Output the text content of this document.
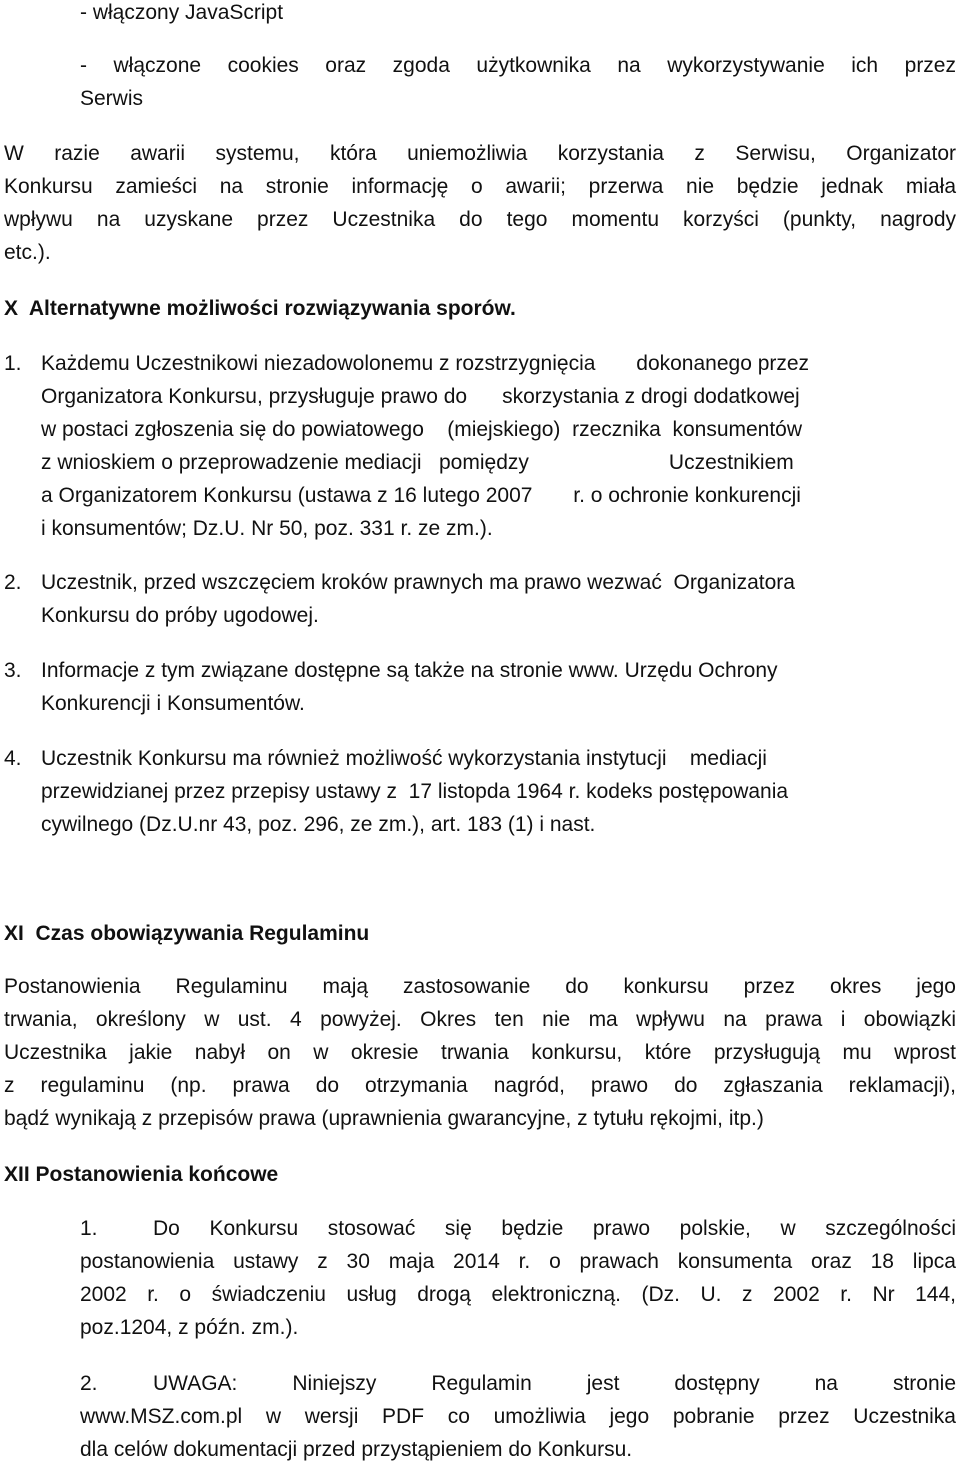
- włączony JavaScript
- włączone cookies oraz zgoda użytkownika na wykorzystywanie ich przez
Serwis
W razie awarii systemu, która uniemożliwia korzystania z Serwisu, Organizator
Konkursu zamieści na stronie informację o awarii; przerwa nie będzie jednak miała
wpływu na uzyskane przez Uczestnika do tego momentu korzyści (punkty, nagrody
etc.).
X  Alternatywne możliwości rozwiązywania sporów.
1. Każdemu Uczestnikowi niezadowolonemu z rozstrzygnięcia       dokonanego przez
Organizatora Konkursu, przysługuje prawo do      skorzystania z drogi dodatkowej
w postaci zgłoszenia się do powiatowego    (miejskiego)  rzecznika  konsumentów
z wnioskiem o przeprowadzenie mediacji   pomiędzy                        Uczestnikiem
a Organizatorem Konkursu (ustawa z 16 lutego 2007       r. o ochronie konkurencji
i konsumentów; Dz.U. Nr 50, poz. 331 r. ze zm.).
2. Uczestnik, przed wszczęciem kroków prawnych ma prawo wezwać  Organizatora
Konkursu do próby ugodowej.
3. Informacje z tym związane dostępne są także na stronie www. Urzędu Ochrony
Konkurencji i Konsumentów.
4. Uczestnik Konkursu ma również możliwość wykorzystania instytucji    mediacji
przewidzianej przez przepisy ustawy z  17 listopda 1964 r. kodeks postępowania
cywilnego (Dz.U.nr 43, poz. 296, ze zm.), art. 183 (1) i nast.
XI  Czas obowiązywania Regulaminu
Postanowienia Regulaminu mają zastosowanie do konkursu przez okres jego
trwania, określony w ust. 4 powyżej. Okres ten nie ma wpływu na prawa i obowiązki
Uczestnika jakie nabył on w okresie trwania konkursu, które przysługują mu wprost
z regulaminu (np. prawa do otrzymania nagród, prawo do zgłaszania reklamacji),
bądź wynikają z przepisów prawa (uprawnienia gwarancyjne, z tytułu rękojmi, itp.)
XII Postanowienia końcowe
1.	Do Konkursu stosować się będzie prawo polskie, w szczególności
postanowienia ustawy z 30 maja 2014 r. o prawach konsumenta oraz 18 lipca
2002 r. o świadczeniu usług drogą elektroniczną. (Dz. U. z 2002 r. Nr 144,
poz.1204, z późn. zm.).
2.	UWAGA: Niniejszy Regulamin jest dostępny na stronie
www.MSZ.com.pl w wersji PDF co umożliwia jego pobranie przez Uczestnika
dla celów dokumentacji przed przystąpieniem do Konkursu.
